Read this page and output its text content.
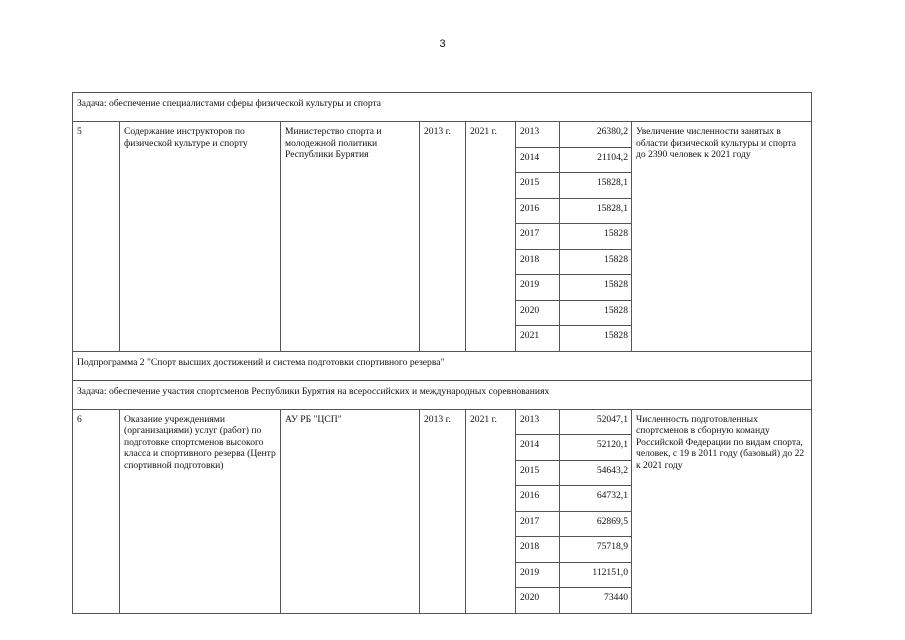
3
Задача: обеспечение специалистами сферы физической культуры и спорта							
5	Содержание инструкторов по физической культуре и спорту	Министерство спорта и молодежной политики Республики Бурятия	2013 г.	2021 г.	2013	26380,2	Увеличение численности занятых в области физической культуры и спорта до 2390 человек к 2021 году
					2014	21104,2	
					2015	15828,1	
					2016	15828,1	
					2017	15828	
					2018	15828	
					2019	15828	
					2020	15828	
					2021	15828	
Подпрограмма 2 "Спорт высших достижений и система подготовки спортивного резерва"							
Задача: обеспечение участия спортсменов Республики Бурятия на всероссийских и международных соревнованиях							
6	Оказание учреждениями (организациями) услуг (работ) по подготовке спортсменов высокого класса и спортивного резерва (Центр спортивной подготовки)	АУ РБ "ЦСП"	2013 г.	2021 г.	2013	52047,1	Численность подготовленных спортсменов в сборную команду Российской Федерации по видам спорта, человек, с 19 в 2011 году (базовый) до 22 к 2021 году
					2014	52120,1	
					2015	54643,2	
					2016	64732,1	
					2017	62869,5	
					2018	75718,9	
					2019	112151,0	
					2020	73440	
